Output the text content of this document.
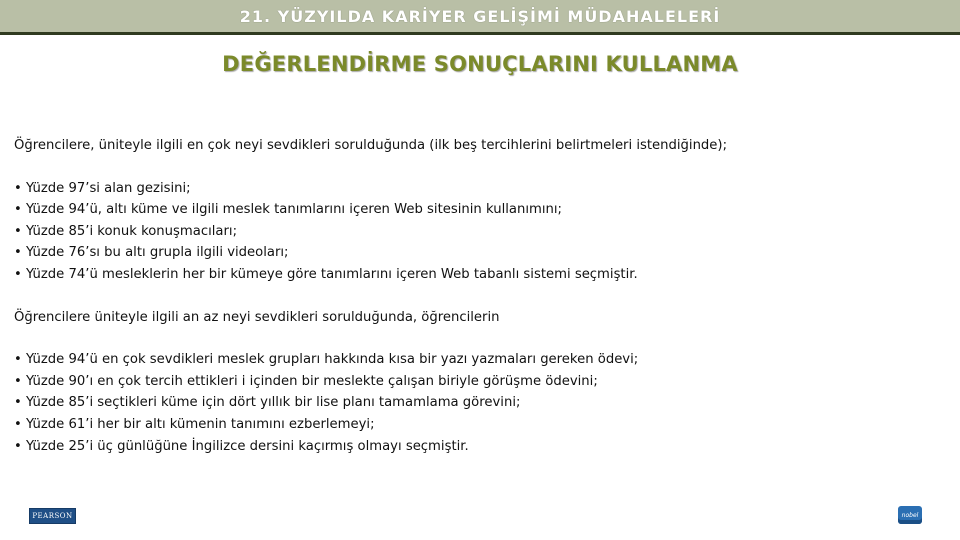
21. YÜZYILDA KARİYER GELİŞİMİ MÜDAHALELERİ
DEĞERLENDİRME SONUÇLARINI KULLANMA

Öğrencilere, üniteyle ilgili en çok neyi sevdikleri sorulduğunda (ilk beş tercihlerini belirtmeleri istendiğinde);

• Yüzde 97’si alan gezisini;
• Yüzde 94’ü, altı küme ve ilgili meslek tanımlarını içeren Web sitesinin kullanımını;
• Yüzde 85’i konuk konuşmacıları;
• Yüzde 76’sı bu altı grupla ilgili videoları;
• Yüzde 74’ü mesleklerin her bir kümeye göre tanımlarını içeren Web tabanlı sistemi seçmiştir.

Öğrencilere üniteyle ilgili an az neyi sevdikleri sorulduğunda, öğrencilerin

• Yüzde 94’ü en çok sevdikleri meslek grupları hakkında kısa bir yazı yazmaları gereken ödevi;
• Yüzde 90’ı en çok tercih ettikleri i içinden bir meslekte çalışan biriyle görüşme ödevini;
• Yüzde 85’i seçtikleri küme için dört yıllık bir lise planı tamamlama görevini;
• Yüzde 61’i her bir altı kümenin tanımını ezberlemeyi;
• Yüzde 25’i üç günlüğüne İngilizce dersini kaçırmış olmayı seçmiştir.
PEARSON	nobel
